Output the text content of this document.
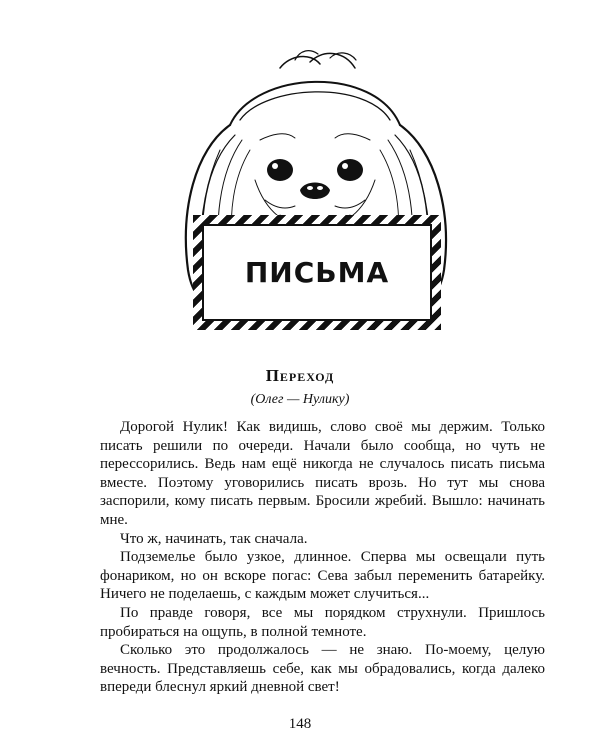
ПИСЬМА
Переход
(Олег — Нулику)

Дорогой Нулик! Как видишь, слово своё мы держим. Только писать решили по очереди. Начали было сообща, но чуть не перессорились. Ведь нам ещё никогда не случалось писать письма вместе. Поэтому уговорились писать врозь. Но тут мы снова заспорили, кому писать первым. Бросили жребий. Вышло: начинать мне.

Что ж, начинать, так сначала.

Подземелье было узкое, длинное. Сперва мы освещали путь фонариком, но он вскоре погас: Сева забыл переменить батарейку. Ничего не поделаешь, с каждым может случиться...

По правде говоря, все мы порядком струхнули. Пришлось пробираться на ощупь, в полной темноте.

Сколько это продолжалось — не знаю. По-моему, целую вечность. Представляешь себе, как мы обрадовались, когда далеко впереди блеснул яркий дневной свет!

148
